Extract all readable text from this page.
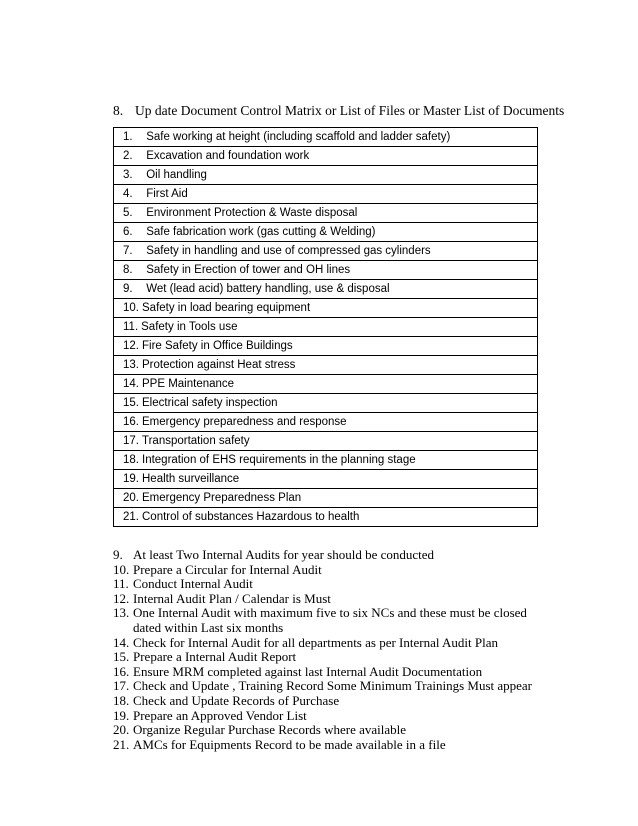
8. Up date Document Control Matrix or List of Files or Master List of Documents
1. Safe working at height (including scaffold and ladder safety)
2. Excavation and foundation work
3. Oil handling
4. First Aid
5. Environment Protection & Waste disposal
6. Safe fabrication work (gas cutting & Welding)
7. Safety in handling and use of compressed gas cylinders
8. Safety in Erection of tower and OH lines
9. Wet (lead acid) battery handling, use & disposal
10. Safety in load bearing equipment
11. Safety in Tools use
12. Fire Safety in Office Buildings
13. Protection against Heat stress
14. PPE Maintenance
15. Electrical safety inspection
16. Emergency preparedness and response
17. Transportation safety
18. Integration of EHS requirements in the planning stage
19. Health surveillance
20. Emergency Preparedness Plan
21. Control of substances Hazardous to health
9. At least Two Internal Audits for year should be conducted
10. Prepare a Circular for Internal Audit
11. Conduct Internal Audit
12. Internal Audit Plan / Calendar is Must
13. One Internal Audit with maximum five to six NCs and these must be closed dated within Last six months
14. Check for Internal Audit for all departments as per Internal Audit Plan
15. Prepare a Internal Audit Report
16. Ensure MRM completed against last Internal Audit Documentation
17. Check and Update , Training Record Some Minimum Trainings Must appear
18. Check and Update Records of Purchase
19. Prepare an Approved Vendor List
20. Organize Regular Purchase Records where available
21. AMCs for Equipments Record to be made available in a file
